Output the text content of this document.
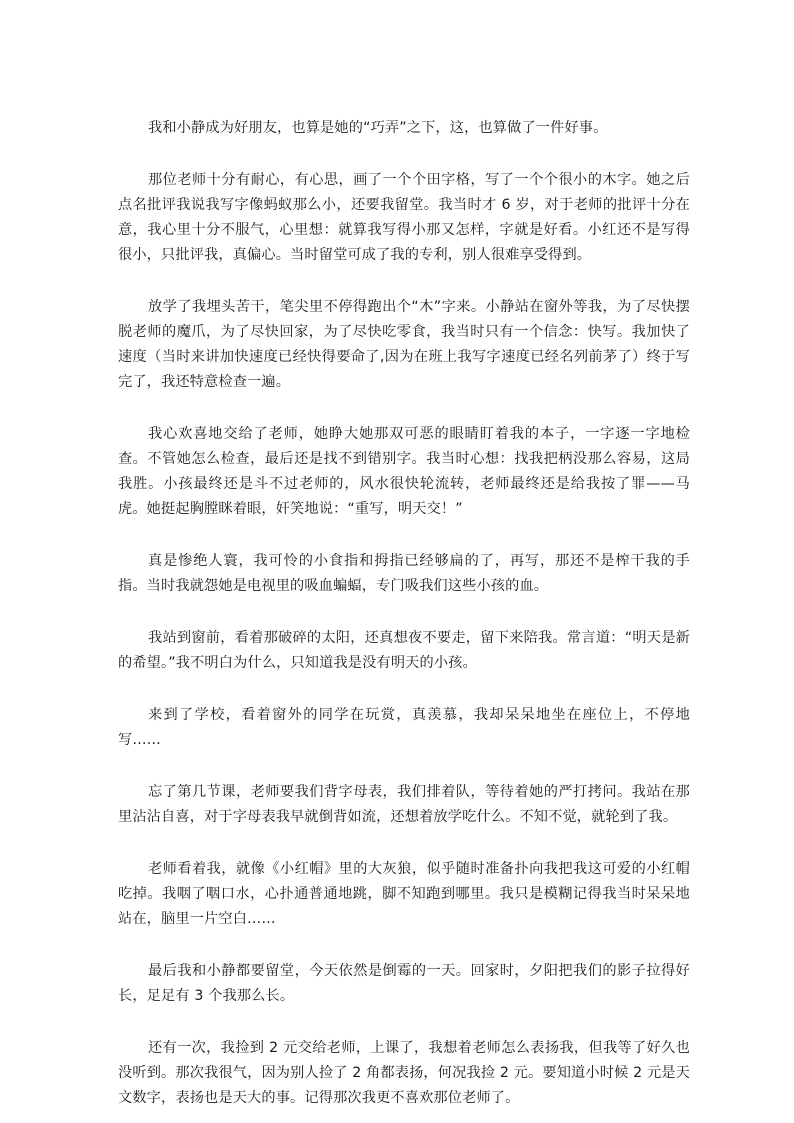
我和小静成为好朋友，也算是她的“巧弄”之下，这，也算做了一件好事。

那位老师十分有耐心，有心思，画了一个个田字格，写了一个个很小的木字。她之后点名批评我说我写字像蚂蚁那么小，还要我留堂。我当时才 6 岁，对于老师的批评十分在意，我心里十分不服气，心里想：就算我写得小那又怎样，字就是好看。小红还不是写得很小，只批评我，真偏心。当时留堂可成了我的专利，别人很难享受得到。

放学了我埋头苦干，笔尖里不停得跑出个“木”字来。小静站在窗外等我，为了尽快摆脱老师的魔爪，为了尽快回家，为了尽快吃零食，我当时只有一个信念：快写。我加快了速度（当时来讲加快速度已经快得要命了,因为在班上我写字速度已经名列前茅了）终于写完了，我还特意检查一遍。

我心欢喜地交给了老师，她睁大她那双可恶的眼睛盯着我的本子，一字逐一字地检查。不管她怎么检查，最后还是找不到错别字。我当时心想：找我把柄没那么容易，这局我胜。小孩最终还是斗不过老师的，风水很快轮流转，老师最终还是给我按了罪——马虎。她挺起胸膛眯着眼，奸笑地说：“重写，明天交！”

真是惨绝人寰，我可怜的小食指和拇指已经够扁的了，再写，那还不是榨干我的手指。当时我就怨她是电视里的吸血蝙蝠，专门吸我们这些小孩的血。

我站到窗前，看着那破碎的太阳，还真想夜不要走，留下来陪我。常言道：“明天是新的希望。”我不明白为什么，只知道我是没有明天的小孩。

来到了学校，看着窗外的同学在玩赏，真羡慕，我却呆呆地坐在座位上，不停地写……

忘了第几节课，老师要我们背字母表，我们排着队，等待着她的严打拷问。我站在那里沾沾自喜，对于字母表我早就倒背如流，还想着放学吃什么。不知不觉，就轮到了我。

老师看着我，就像《小红帽》里的大灰狼，似乎随时准备扑向我把我这可爱的小红帽吃掉。我咽了咽口水，心扑通普通地跳，脚不知跑到哪里。我只是模糊记得我当时呆呆地站在，脑里一片空白……

最后我和小静都要留堂，今天依然是倒霉的一天。回家时，夕阳把我们的影子拉得好长，足足有 3 个我那么长。

还有一次，我捡到 2 元交给老师，上课了，我想着老师怎么表扬我，但我等了好久也没听到。那次我很气，因为别人捡了 2 角都表扬，何况我捡 2 元。要知道小时候 2 元是天文数字，表扬也是天大的事。记得那次我更不喜欢那位老师了。
